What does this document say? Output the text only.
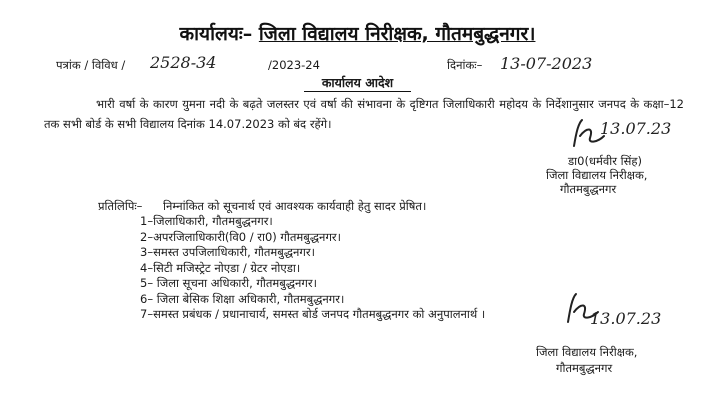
कार्यालयः– जिला विद्यालय निरीक्षक, गौतमबुद्धनगर।
पत्रांक / विविध / 2528-34	/2023-24	दिनांकः– 13-07-2023
कार्यालय आदेश
भारी वर्षा के कारण युमना नदी के बढ़ते जलस्तर एवं वर्षा की संभावना के दृष्टिगत जिलाधिकारी महोदय के निर्देशानुसार जनपद के कक्षा–12 तक सभी बोर्ड के सभी विद्यालय दिनांक 14.07.2023 को बंद रहेंगे।	13.07.23
डा0(धर्मवीर सिंह)
जिला विद्यालय निरीक्षक,
गौतमबुद्धनगर
प्रतिलिपिः– निम्नांकित को सूचनार्थ एवं आवश्यक कार्यवाही हेतु सादर प्रेषित।
1–जिलाधिकारी, गौतमबुद्धनगर।
2–अपरजिलाधिकारी(वि0 / रा0) गौतमबुद्धनगर।
3–समस्त उपजिलाधिकारी, गौतमबुद्धनगर।
4–सिटी मजिस्ट्रेट नोएडा / ग्रेटर नोएडा।
5– जिला सूचना अधिकारी, गौतमबुद्धनगर।
6– जिला बेसिक शिक्षा अधिकारी, गौतमबुद्धनगर।
7–समस्त प्रबंधक / प्रधानाचार्य, समस्त बोर्ड जनपद गौतमबुद्धनगर को अनुपालनार्थ ।	13.07.23
जिला विद्यालय निरीक्षक,
गौतमबुद्धनगर
